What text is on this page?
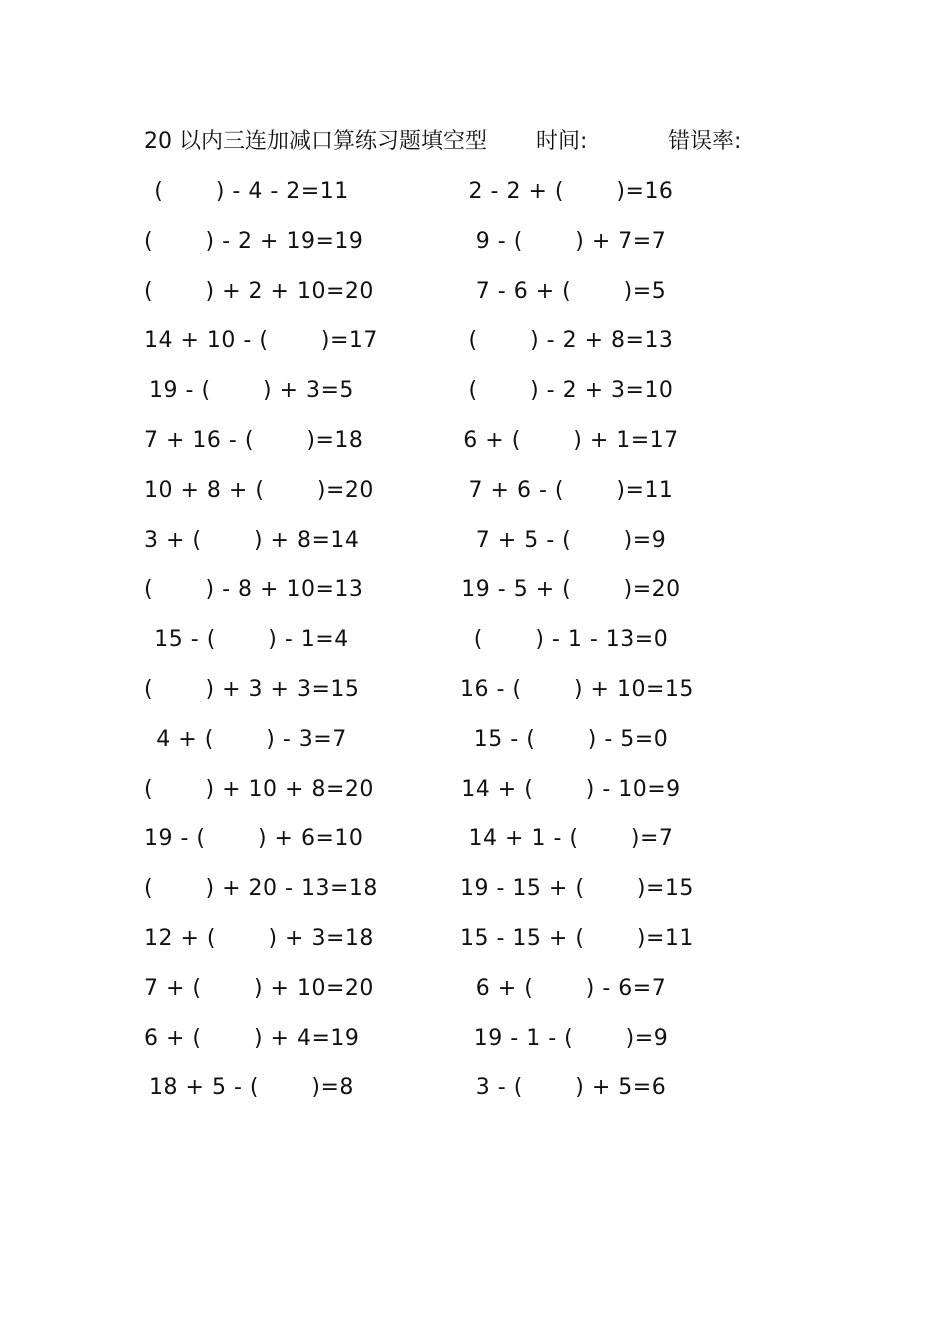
20 以内三连加减口算练习题填空型 时间:	错误率:
(       ) - 4 - 2=11
(       ) - 2 + 19=19
(       ) + 2 + 10=20
14 + 10 - (       )=17
19 - (       ) + 3=5
7 + 16 - (       )=18
10 + 8 + (       )=20
3 + (       ) + 8=14
(       ) - 8 + 10=13
15 - (       ) - 1=4
(       ) + 3 + 3=15
4 + (       ) - 3=7
(       ) + 10 + 8=20
19 - (       ) + 6=10
(       ) + 20 - 13=18
12 + (       ) + 3=18
7 + (       ) + 10=20
6 + (       ) + 4=19
18 + 5 - (       )=8
2 - 2 + (       )=16
9 - (       ) + 7=7
7 - 6 + (       )=5
(       ) - 2 + 8=13
(       ) - 2 + 3=10
6 + (       ) + 1=17
7 + 6 - (       )=11
7 + 5 - (       )=9
19 - 5 + (       )=20
(       ) - 1 - 13=0
16 - (       ) + 10=15
15 - (       ) - 5=0
14 + (       ) - 10=9
14 + 1 - (       )=7
19 - 15 + (       )=15
15 - 15 + (       )=11
6 + (       ) - 6=7
19 - 1 - (       )=9
3 - (       ) + 5=6
